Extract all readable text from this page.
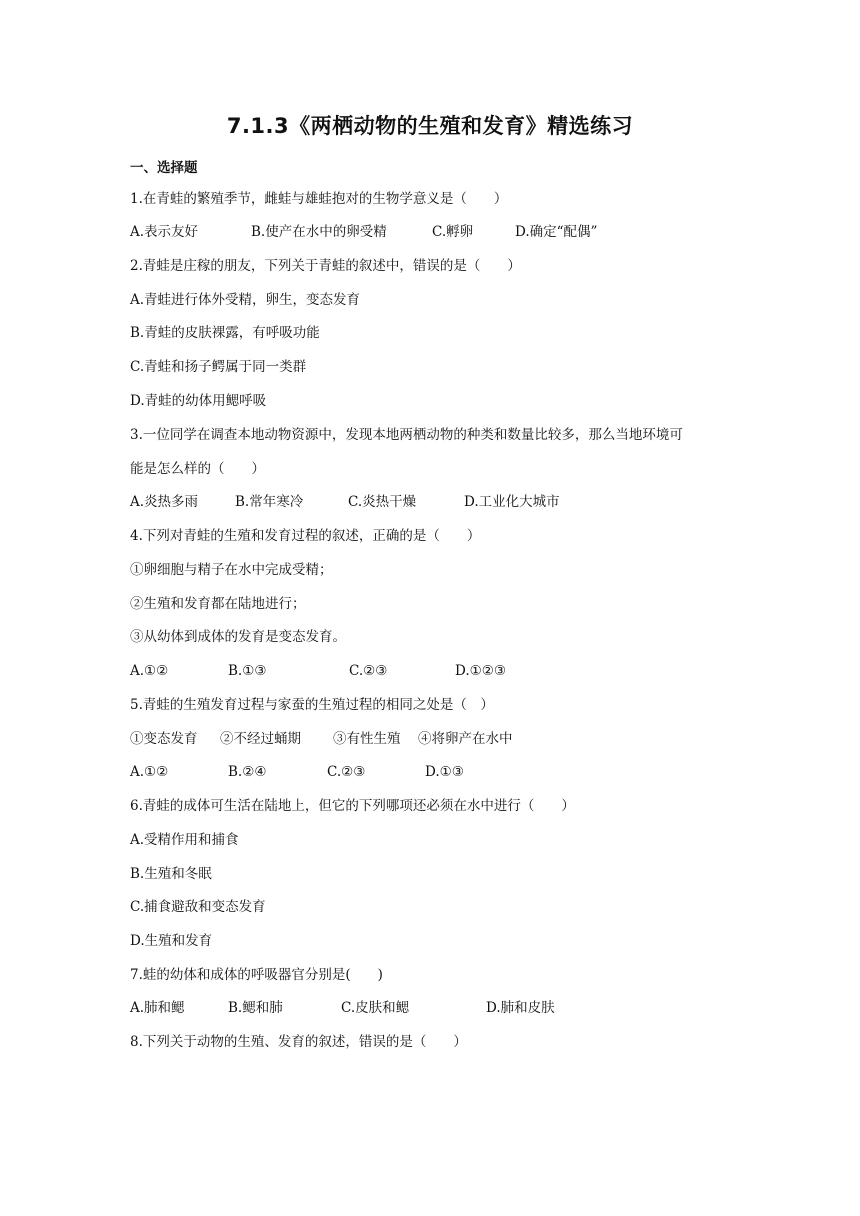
7.1.3《两栖动物的生殖和发育》精选练习
一、选择题
1.在青蛙的繁殖季节，雌蛙与雄蛙抱对的生物学意义是（　　）
A.表示友好	B.使产在水中的卵受精	C.孵卵	D.确定“配偶”
2.青蛙是庄稼的朋友，下列关于青蛙的叙述中，错误的是（　　）
A.青蛙进行体外受精，卵生，变态发育
B.青蛙的皮肤裸露，有呼吸功能
C.青蛙和扬子鳄属于同一类群
D.青蛙的幼体用鳃呼吸
3.一位同学在调查本地动物资源中，发现本地两栖动物的种类和数量比较多，那么当地环境可
能是怎么样的（　　）
A.炎热多雨	B.常年寒冷	C.炎热干燥	D.工业化大城市
4.下列对青蛙的生殖和发育过程的叙述，正确的是（　　）
①卵细胞与精子在水中完成受精；
②生殖和发育都在陆地进行；
③从幼体到成体的发育是变态发育。
A.①②	B.①③	C.②③	D.①②③
5.青蛙的生殖发育过程与家蚕的生殖过程的相同之处是（　）
①变态发育 ②不经过蛹期 ③有性生殖 ④将卵产在水中
A.①②	B.②④	C.②③	D.①③
6.青蛙的成体可生活在陆地上，但它的下列哪项还必须在水中进行（　　）
A.受精作用和捕食
B.生殖和冬眠
C.捕食避敌和变态发育
D.生殖和发育
7.蛙的幼体和成体的呼吸器官分别是(　　)
A.肺和鳃	B.鳃和肺	C.皮肤和鳃	D.肺和皮肤
8.下列关于动物的生殖、发育的叙述，错误的是（　　）
